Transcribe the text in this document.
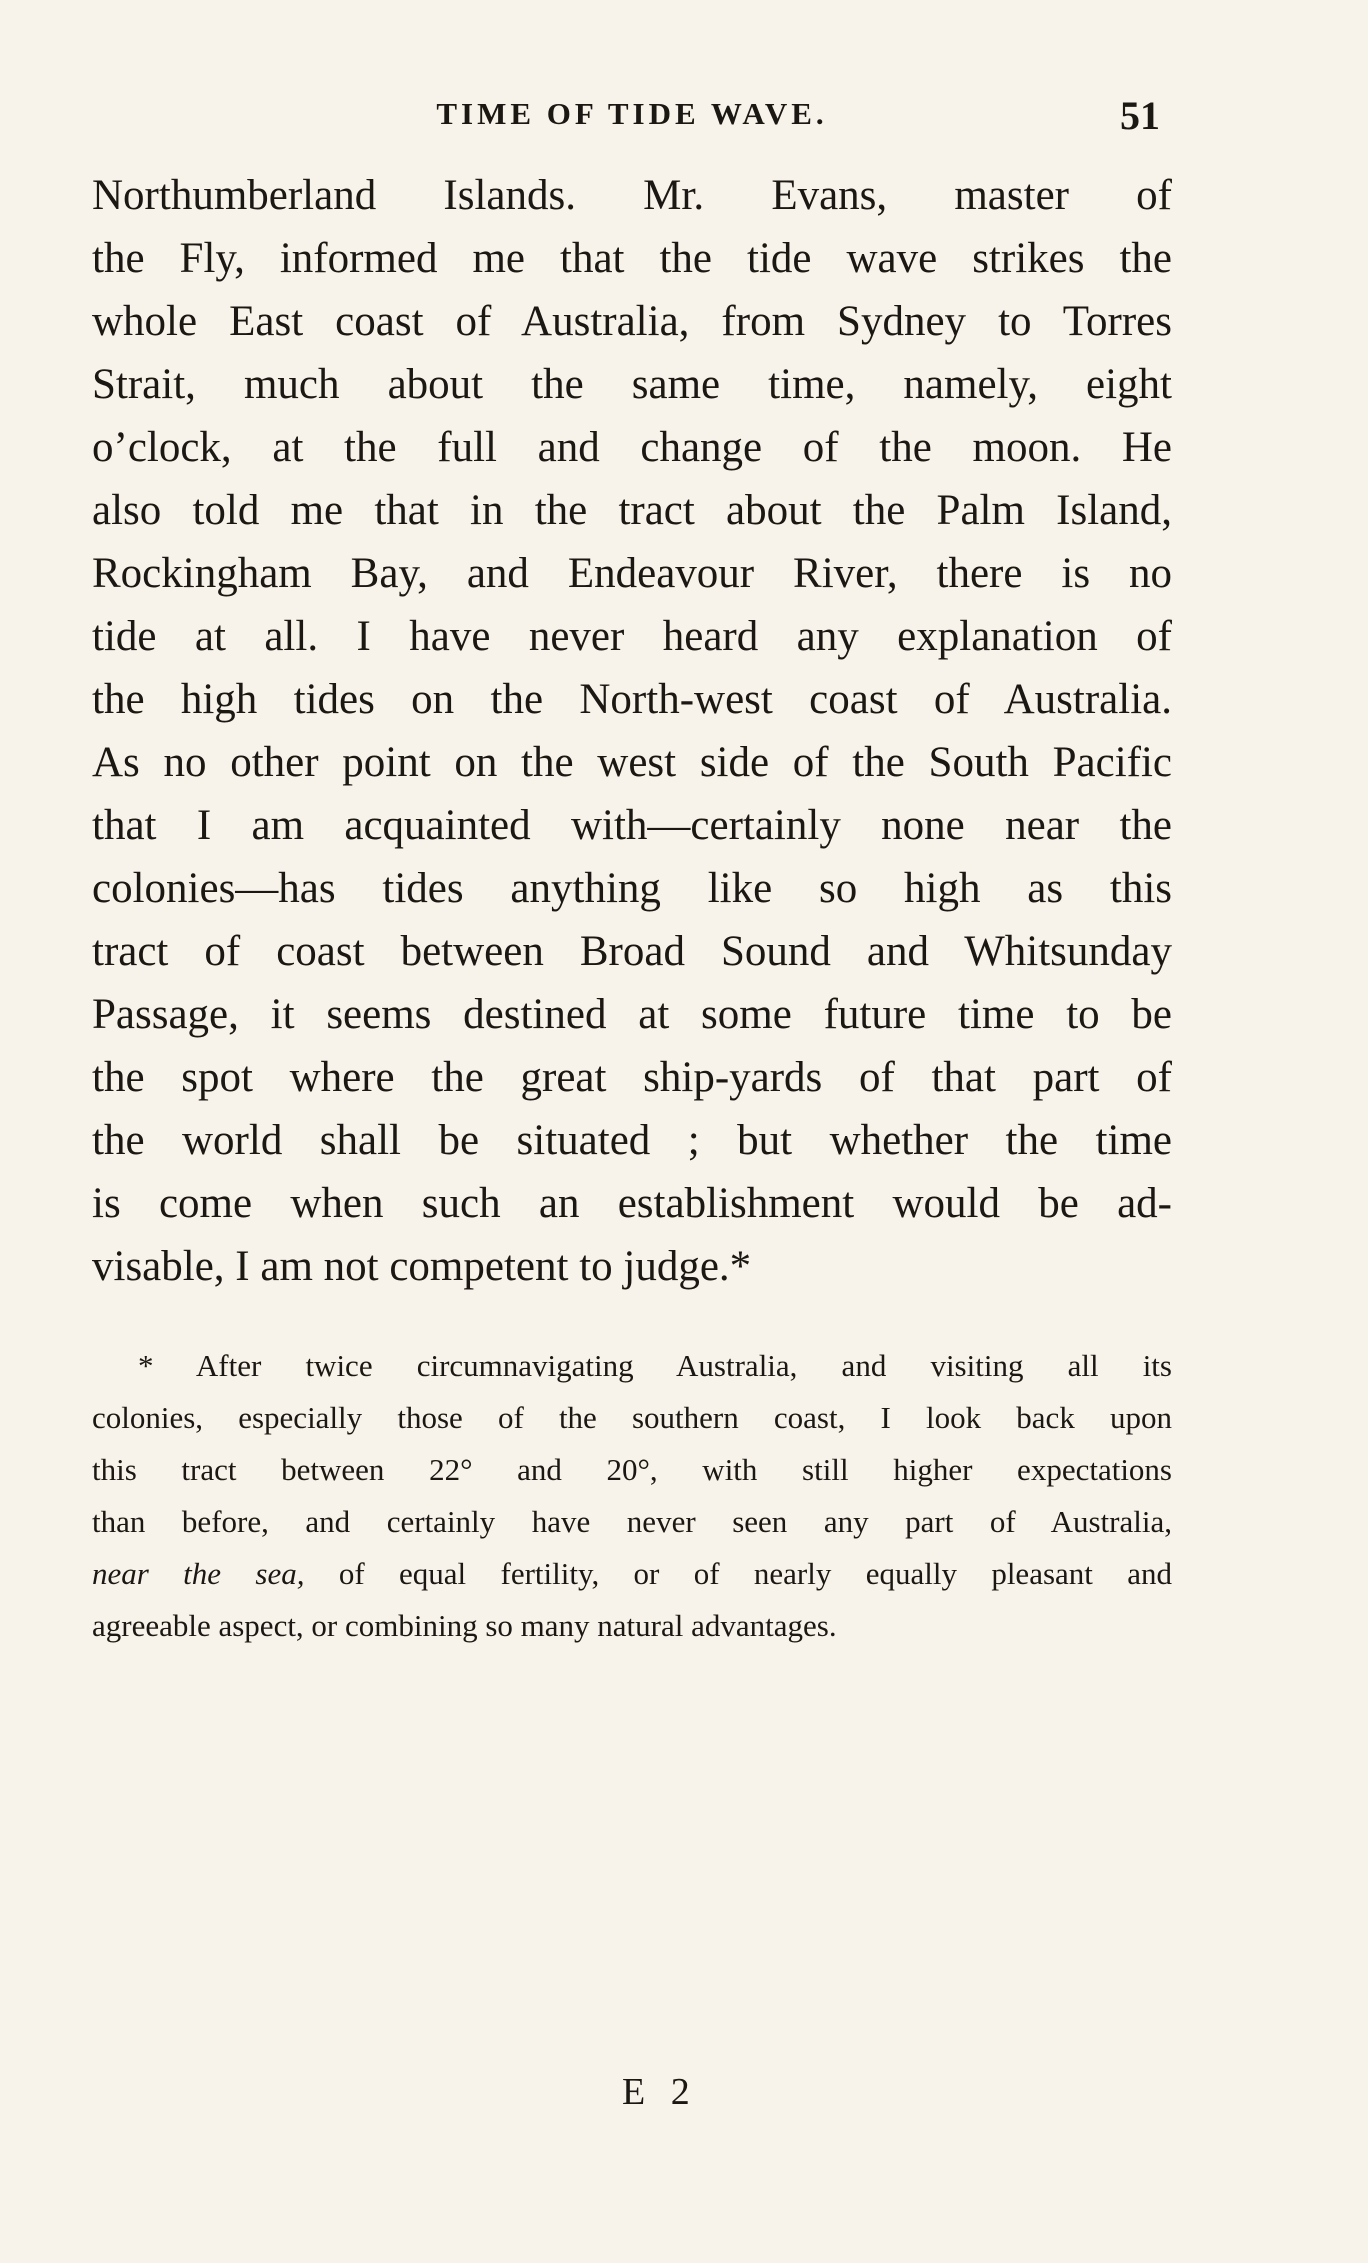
TIME OF TIDE WAVE.	51
Northumberland Islands. Mr. Evans, master of
the Fly, informed me that the tide wave strikes the
whole East coast of Australia, from Sydney to Torres
Strait, much about the same time, namely, eight
o’clock, at the full and change of the moon. He
also told me that in the tract about the Palm Island,
Rockingham Bay, and Endeavour River, there is no
tide at all. I have never heard any explanation of
the high tides on the North-west coast of Australia.
As no other point on the west side of the South Pacific
that I am acquainted with—certainly none near the
colonies—has tides anything like so high as this
tract of coast between Broad Sound and Whitsunday
Passage, it seems destined at some future time to be
the spot where the great ship-yards of that part of
the world shall be situated ; but whether the time
is come when such an establishment would be ad-
visable, I am not competent to judge.*
* After twice circumnavigating Australia, and visiting all its
colonies, especially those of the southern coast, I look back upon
this tract between 22° and 20°, with still higher expectations
than before, and certainly have never seen any part of Australia,
near the sea, of equal fertility, or of nearly equally pleasant and
agreeable aspect, or combining so many natural advantages.
E 2
